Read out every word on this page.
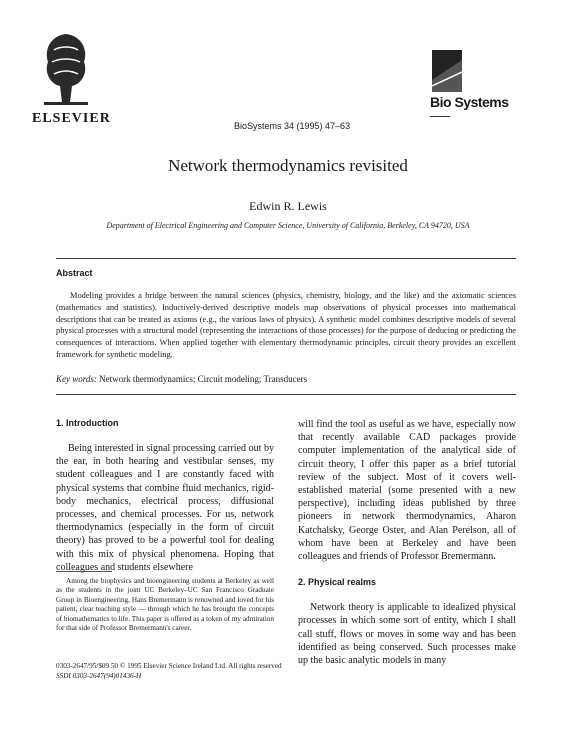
ELSEVIER	BioSystems 34 (1995) 47–63
Bio Systems
Network thermodynamics revisited
Edwin R. Lewis
Department of Electrical Engineering and Computer Science, University of California, Berkeley, CA 94720, USA
Abstract
Modeling provides a bridge between the natural sciences (physics, chemistry, biology, and the like) and the axiomatic sciences (mathematics and statistics). Inductively-derived descriptive models map observations of physical processes into mathematical descriptions that can be treated as axioms (e.g., the various laws of physics). A synthetic model combines descriptive models of several physical processes with a structural model (representing the interactions of those processes) for the purpose of deducing or predicting the consequences of interactions. When applied together with elementary thermodynamic principles, circuit theory provides an excellent framework for synthetic modeling.
Key words: Network thermodynamics; Circuit modeling; Transducers
1. Introduction
Being interested in signal processing carried out by the ear, in both hearing and vestibular senses, my student colleagues and I are constantly faced with physical systems that combine fluid mechanics, rigid-body mechanics, electrical process, diffusional processes, and chemical processes. For us, network thermodynamics (especially in the form of circuit theory) has proved to be a powerful tool for dealing with this mix of physical phenomena. Hoping that colleagues and students elsewhere
Among the biophysics and bioengineering students at Berkeley as well as the students in the joint UC Berkeley–UC San Francisco Graduate Group in Bioengineering, Hans Bremermann is renowned and loved for his patient, clear teaching style — through which he has brought the concepts of biomathematics to life. This paper is offered as a token of my admiration for that side of Professor Bremermann's career.
0303-2647/95/$09.50 © 1995 Elsevier Science Ireland Ltd. All rights reserved
SSDI 0303-2647(94)01436-H
will find the tool as useful as we have, especially now that recently available CAD packages provide computer implementation of the analytical side of circuit theory, I offer this paper as a brief tutorial review of the subject. Most of it covers well-established material (some presented with a new perspective), including ideas published by three pioneers in network thermodynamics, Aharon Katchalsky, George Oster, and Alan Perelson, all of whom have been at Berkeley and have been colleagues and friends of Professor Bremermann.
2. Physical realms
Network theory is applicable to idealized physical processes in which some sort of entity, which I shall call stuff, flows or moves in some way and has been identified as being conserved. Such processes make up the basic analytic models in many
